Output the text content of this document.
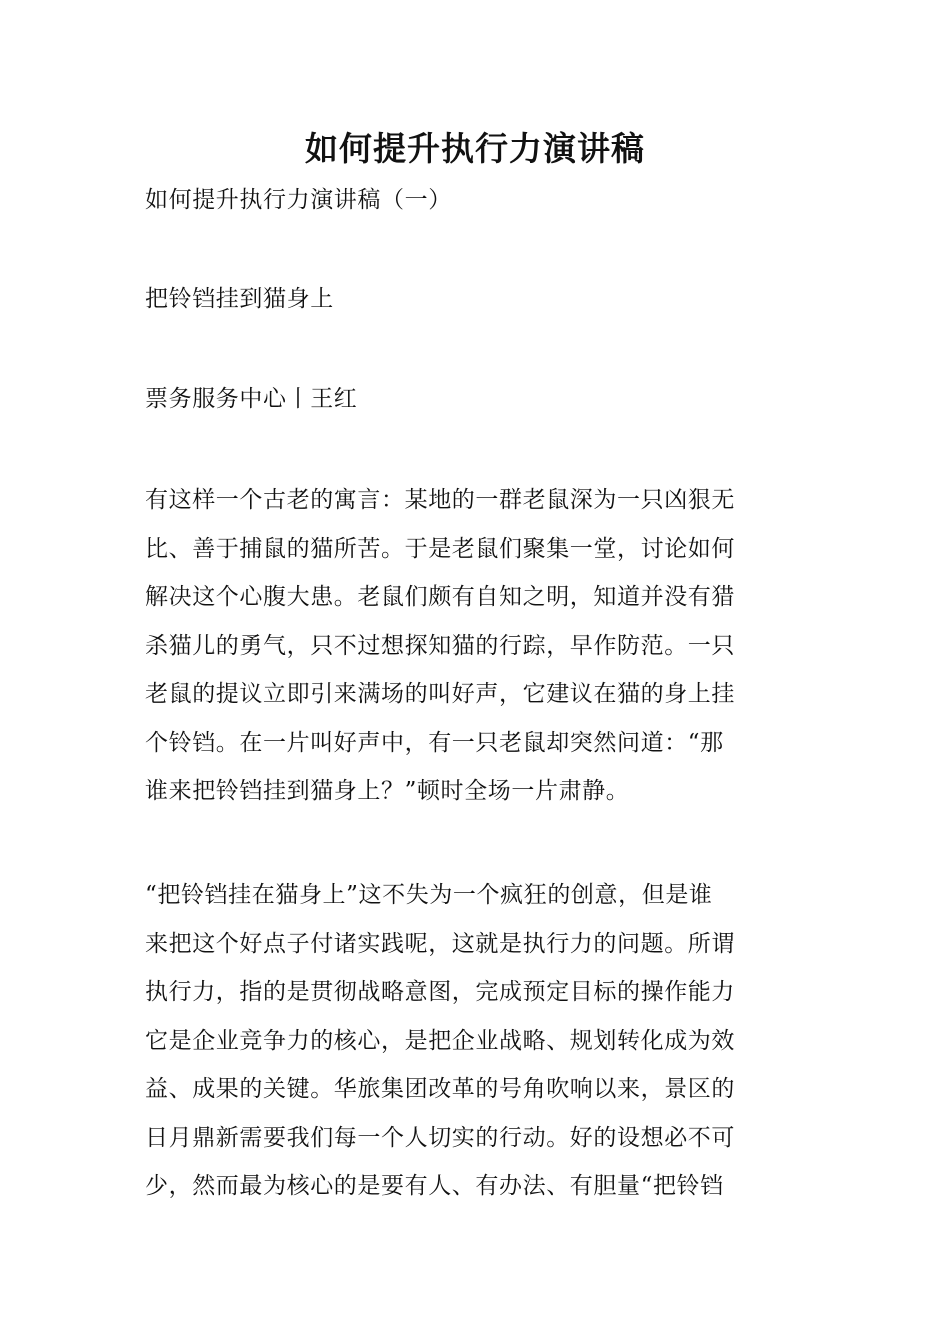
如何提升执行力演讲稿
如何提升执行力演讲稿（一）
把铃铛挂到猫身上
票务服务中心丨王红
有这样一个古老的寓言：某地的一群老鼠深为一只凶狠无
比、善于捕鼠的猫所苦。于是老鼠们聚集一堂，讨论如何
解决这个心腹大患。老鼠们颇有自知之明，知道并没有猎
杀猫儿的勇气，只不过想探知猫的行踪，早作防范。一只
老鼠的提议立即引来满场的叫好声，它建议在猫的身上挂
个铃铛。在一片叫好声中，有一只老鼠却突然问道：“那
谁来把铃铛挂到猫身上？”顿时全场一片肃静。
“把铃铛挂在猫身上”这不失为一个疯狂的创意，但是谁
来把这个好点子付诸实践呢，这就是执行力的问题。所谓
执行力，指的是贯彻战略意图，完成预定目标的操作能力
它是企业竞争力的核心，是把企业战略、规划转化成为效
益、成果的关键。华旅集团改革的号角吹响以来，景区的
日月鼎新需要我们每一个人切实的行动。好的设想必不可
少，然而最为核心的是要有人、有办法、有胆量“把铃铛
